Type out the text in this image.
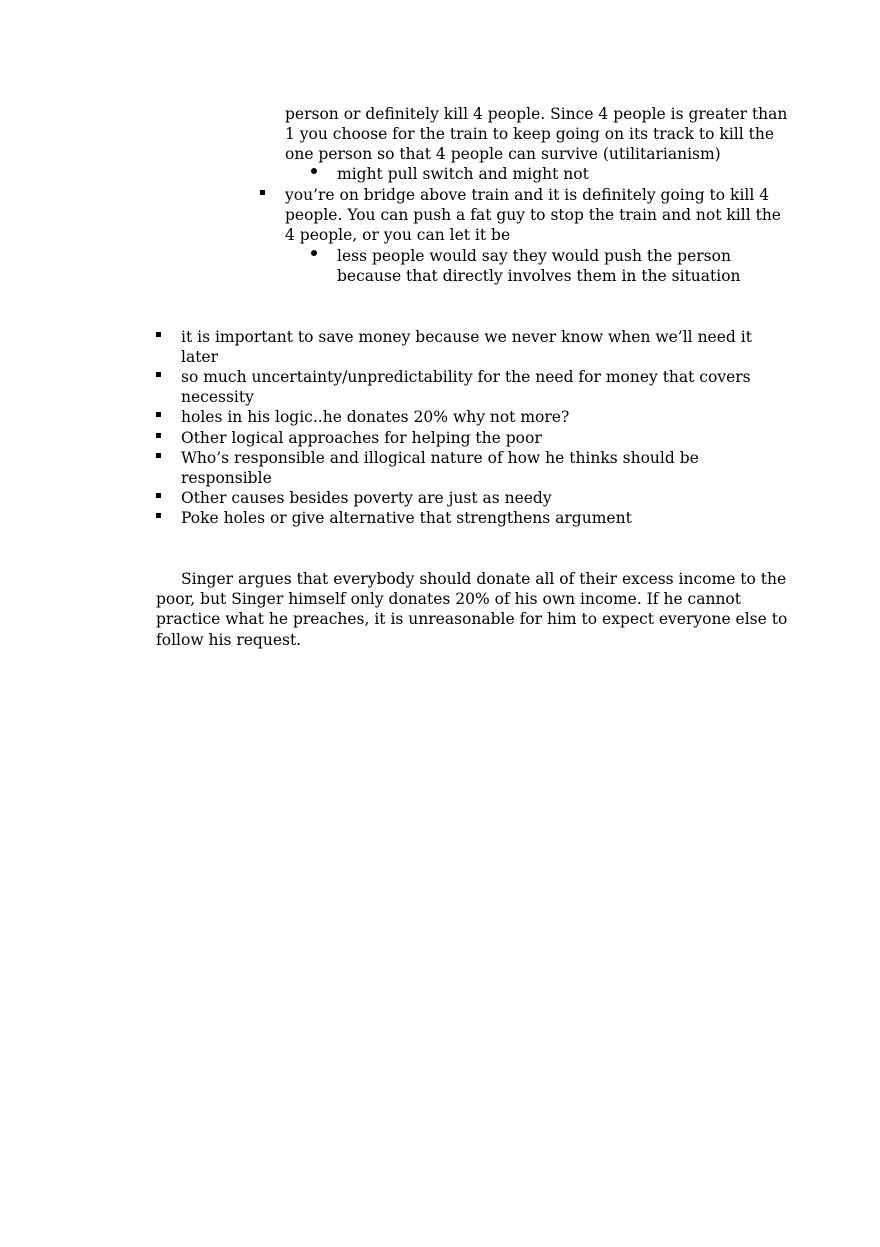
person or definitely kill 4 people. Since 4 people is greater than
1 you choose for the train to keep going on its track to kill the
one person so that 4 people can survive (utilitarianism)
might pull switch and might not
you’re on bridge above train and it is definitely going to kill 4
people. You can push a fat guy to stop the train and not kill the
4 people, or you can let it be
less people would say they would push the person
because that directly involves them in the situation
it is important to save money because we never know when we’ll need it
later
so much uncertainty/unpredictability for the need for money that covers
necessity
holes in his logic..he donates 20% why not more?
Other logical approaches for helping the poor
Who’s responsible and illogical nature of how he thinks should be
responsible
Other causes besides poverty are just as needy
Poke holes or give alternative that strengthens argument
Singer argues that everybody should donate all of their excess income to the
poor, but Singer himself only donates 20% of his own income. If he cannot
practice what he preaches, it is unreasonable for him to expect everyone else to
follow his request.
